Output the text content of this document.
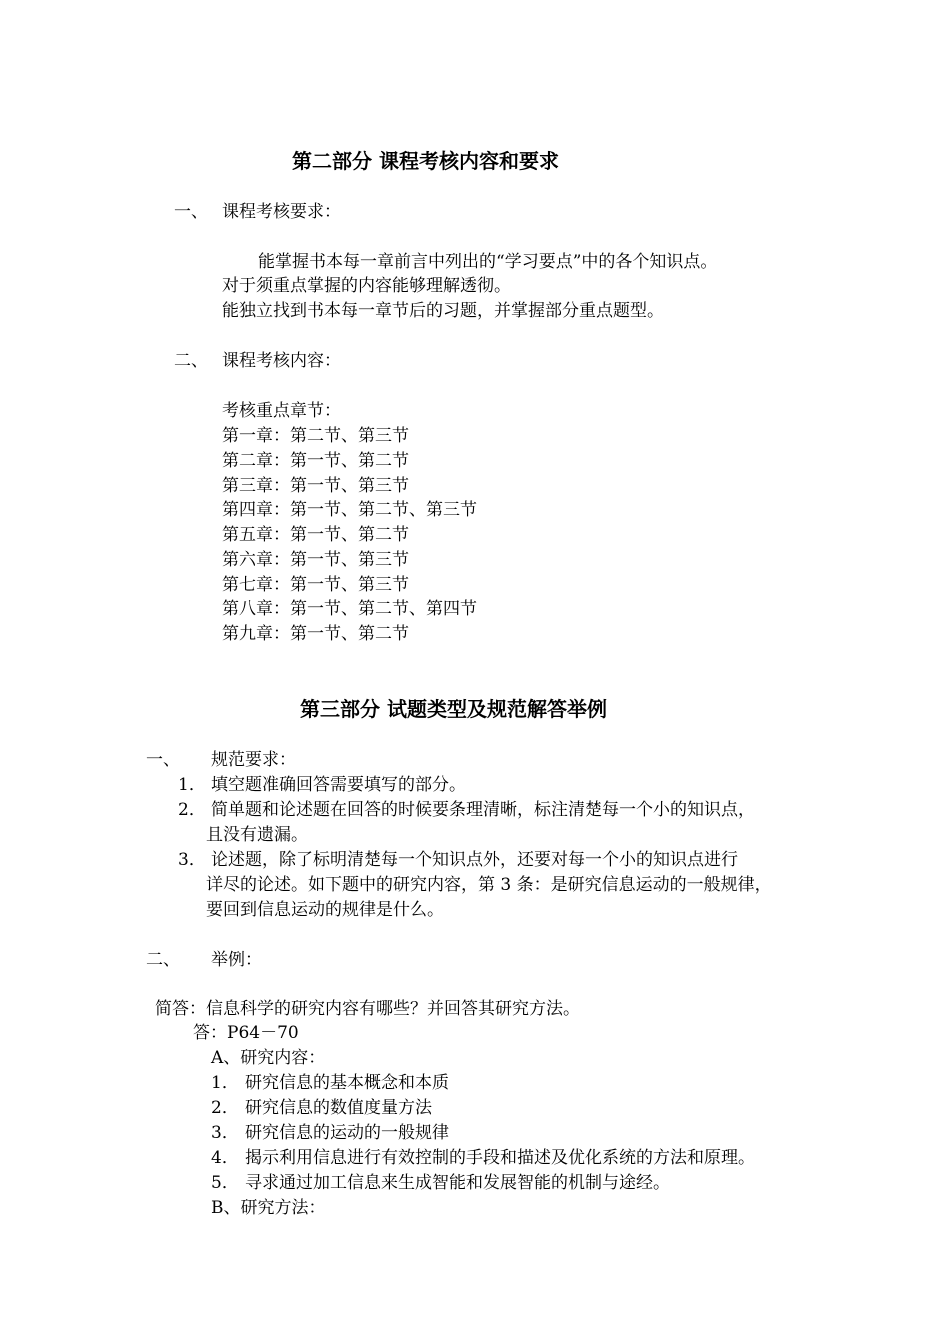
第二部分 课程考核内容和要求
一、 课程考核要求：
能掌握书本每一章前言中列出的“学习要点”中的各个知识点。
对于须重点掌握的内容能够理解透彻。
能独立找到书本每一章节后的习题，并掌握部分重点题型。
二、 课程考核内容：
考核重点章节：
第一章：第二节、第三节
第二章：第一节、第二节
第三章：第一节、第三节
第四章：第一节、第二节、第三节
第五章：第一节、第二节
第六章：第一节、第三节
第七章：第一节、第三节
第八章：第一节、第二节、第四节
第九章：第一节、第二节
第三部分 试题类型及规范解答举例
一、 规范要求：
1． 填空题准确回答需要填写的部分。
2． 简单题和论述题在回答的时候要条理清晰，标注清楚每一个小的知识点，
且没有遗漏。
3． 论述题，除了标明清楚每一个知识点外，还要对每一个小的知识点进行
详尽的论述。如下题中的研究内容，第 3 条：是研究信息运动的一般规律，
要回到信息运动的规律是什么。
二、 举例：
简答：信息科学的研究内容有哪些？并回答其研究方法。
答：P64－70
A、研究内容：
1． 研究信息的基本概念和本质
2． 研究信息的数值度量方法
3． 研究信息的运动的一般规律
4． 揭示利用信息进行有效控制的手段和描述及优化系统的方法和原理。
5． 寻求通过加工信息来生成智能和发展智能的机制与途经。
B、研究方法：
